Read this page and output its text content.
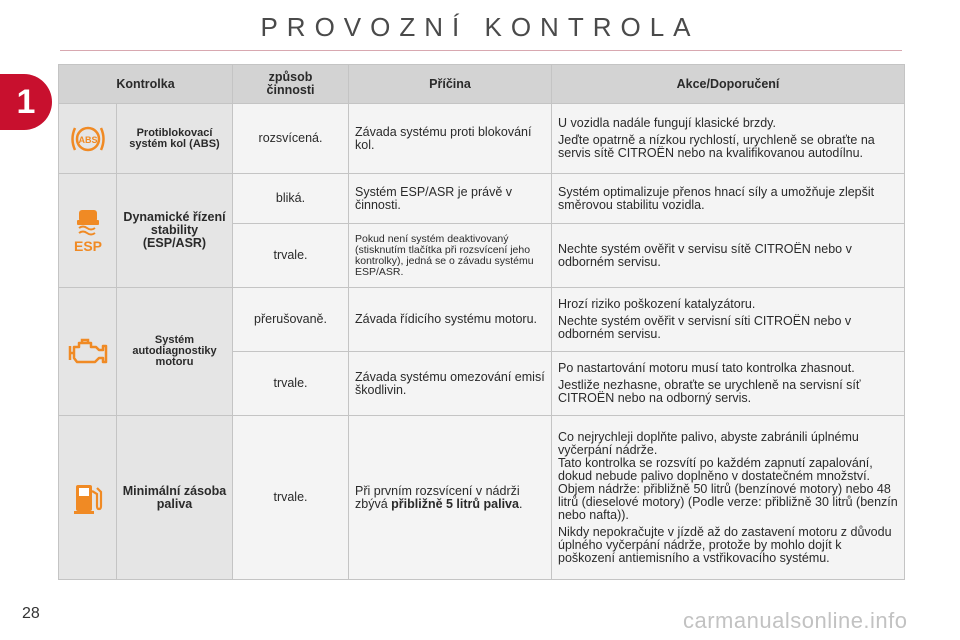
PROVOZNÍ KONTROLA
1	Kontrolka		způsob činnosti	Příčina	Akce/Doporučení

ABS	Protiblokovací systém kol (ABS)	rozsvícená.	Závada systému proti blokování kol.	U vozidla nadále fungují klasické brzdy.

Jeďte opatrně a nízkou rychlostí, urychleně se obraťte na servis sítě CITROËN nebo na kvalifikovanou autodílnu.

ESP	Dynamické řízení stability (ESP/ASR)	bliká.	Systém ESP/ASR je právě v činnosti.	Systém optimalizuje přenos hnací síly a umožňuje zlepšit směrovou stabilitu vozidla.
		trvale.	Pokud není systém deaktivovaný (stisknutím tlačítka při rozsvícení jeho kontrolky), jedná se o závadu systému ESP/ASR.	Nechte systém ověřit v servisu sítě CITROËN nebo v odborném servisu.
	Systém autodiagnostiky motoru	přerušovaně.	Závada řídicího systému motoru.	Hrozí riziko poškození katalyzátoru.

Nechte systém ověřit v servisní síti CITROËN nebo v odborném servisu.

		trvale.	Závada systému omezování emisí škodlivin.	Po nastartování motoru musí tato kontrolka zhasnout.

Jestliže nezhasne, obraťte se urychleně na servisní síť CITROËN nebo na odborný servis.

	Minimální zásoba paliva	trvale.	Při prvním rozsvícení v nádrži zbývá přibližně 5 litrů paliva.	Co nejrychleji doplňte palivo, abyste zabránili úplnému vyčerpání nádrže.
Tato kontrolka se rozsvítí po každém zapnutí zapalování, dokud nebude palivo doplněno v dostatečném množství.

Objem nádrže: přibližně 50 litrů (benzínové motory) nebo 48 litrů (dieselové motory) (Podle verze: přibližně 30 litrů (benzín nebo nafta)).

Nikdy nepokračujte v jízdě až do zastavení motoru z důvodu úplného vyčerpání nádrže, protože by mohlo dojít k poškození antiemisního a vstřikovacího systému.

28	carmanualsonline.info
